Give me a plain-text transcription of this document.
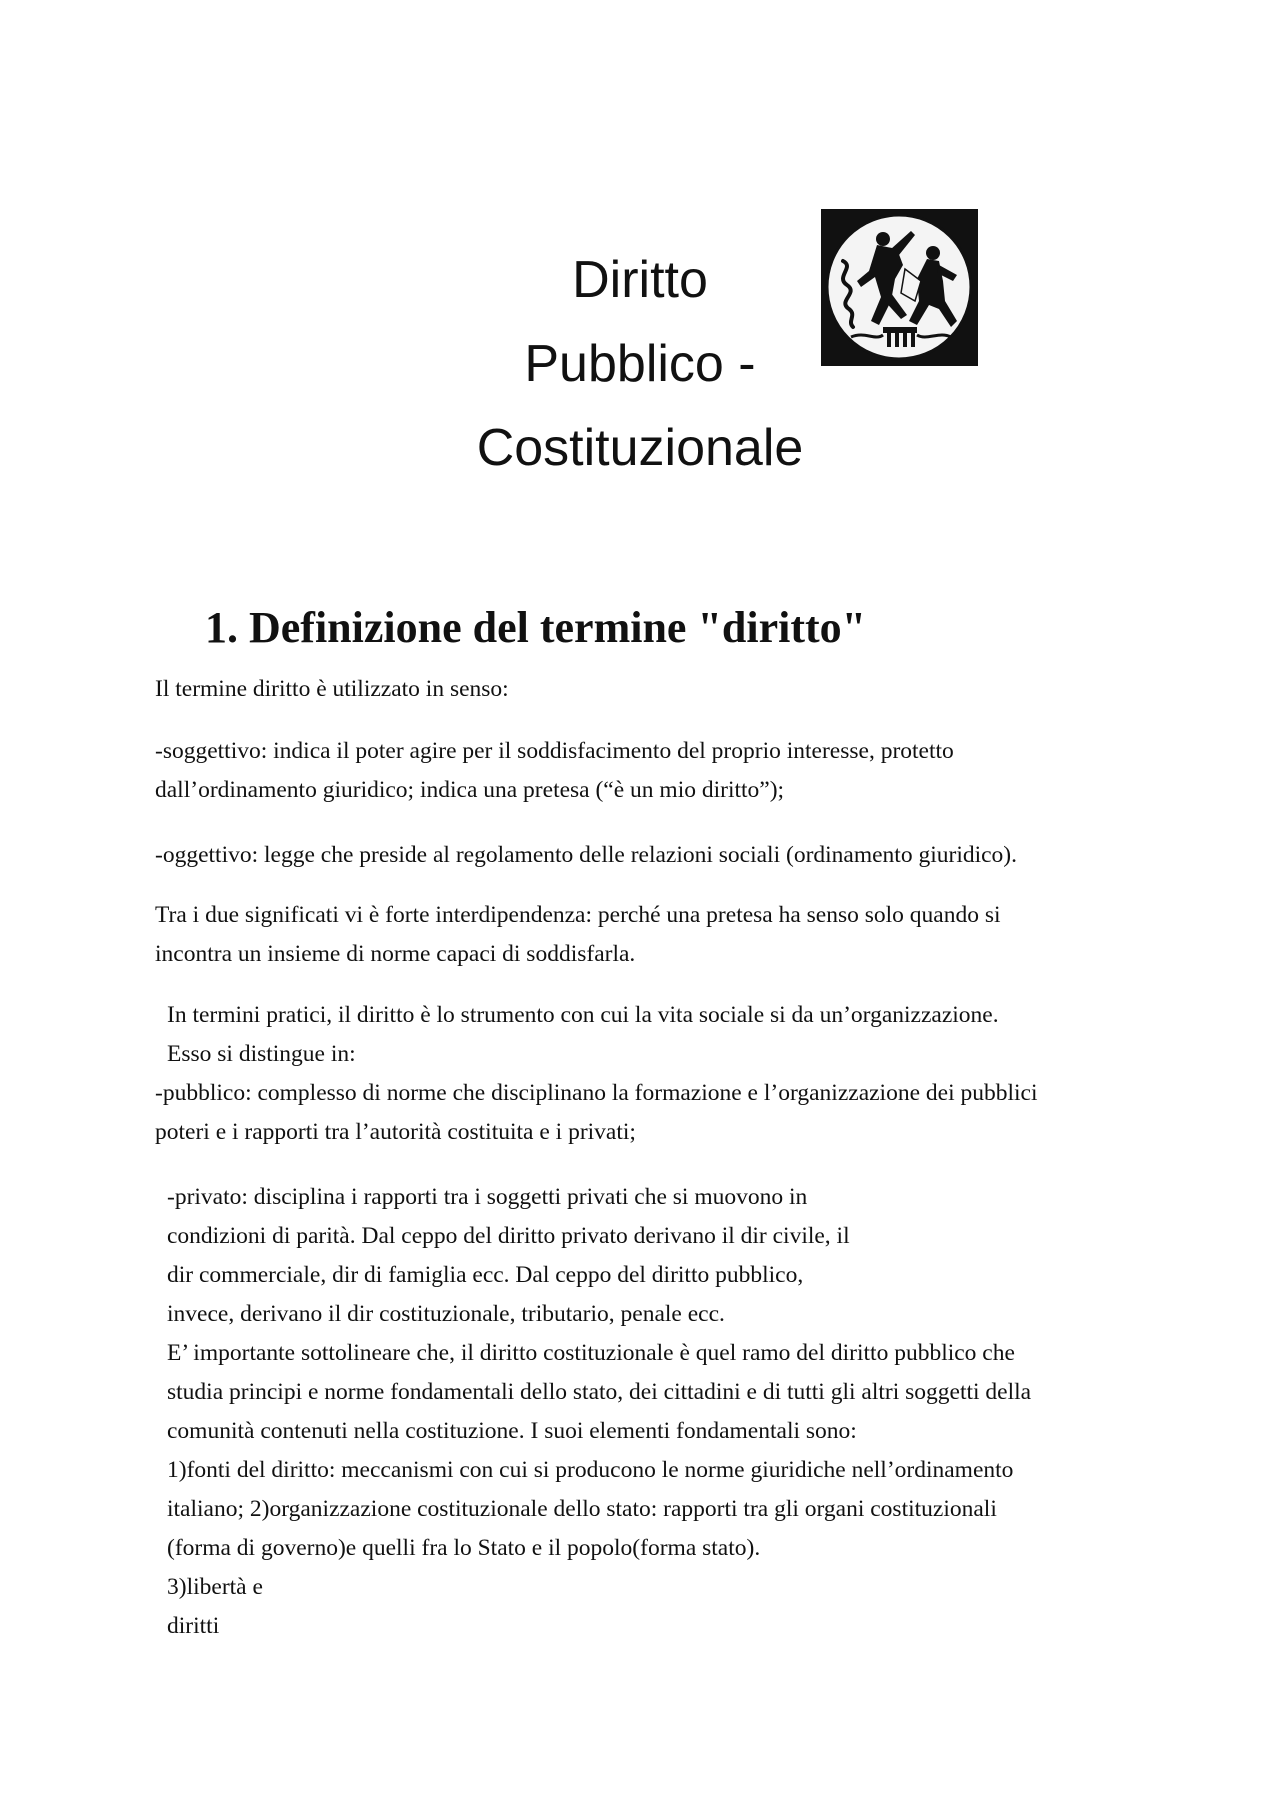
Diritto
Pubblico -
Costituzionale
1. Definizione del termine "diritto"
Il termine diritto è utilizzato in senso:
-soggettivo: indica il poter agire per il soddisfacimento del proprio interesse, protetto
dall’ordinamento giuridico; indica una pretesa (“è un mio diritto”);
-oggettivo: legge che preside al regolamento delle relazioni sociali (ordinamento giuridico).
Tra i due significati vi è forte interdipendenza: perché una pretesa ha senso solo quando si
incontra un insieme di norme capaci di soddisfarla.
In termini pratici, il diritto è lo strumento con cui la vita sociale si da un’organizzazione.
Esso si distingue in:
-pubblico: complesso di norme che disciplinano la formazione e l’organizzazione dei pubblici
poteri e i rapporti tra l’autorità costituita e i privati;
-privato: disciplina i rapporti tra i soggetti privati che si muovono in
condizioni di parità. Dal ceppo del diritto privato derivano il dir civile, il
dir commerciale, dir di famiglia ecc. Dal ceppo del diritto pubblico,
invece, derivano il dir costituzionale, tributario, penale ecc.
E’ importante sottolineare che, il diritto costituzionale è quel ramo del diritto pubblico che
studia principi e norme fondamentali dello stato, dei cittadini e di tutti gli altri soggetti della
comunità contenuti nella costituzione. I suoi elementi fondamentali sono:
1)fonti del diritto: meccanismi con cui si producono le norme giuridiche nell’ordinamento
italiano; 2)organizzazione costituzionale dello stato: rapporti tra gli organi costituzionali
(forma di governo)e quelli fra lo Stato e il popolo(forma stato).
3)libertà e
diritti
